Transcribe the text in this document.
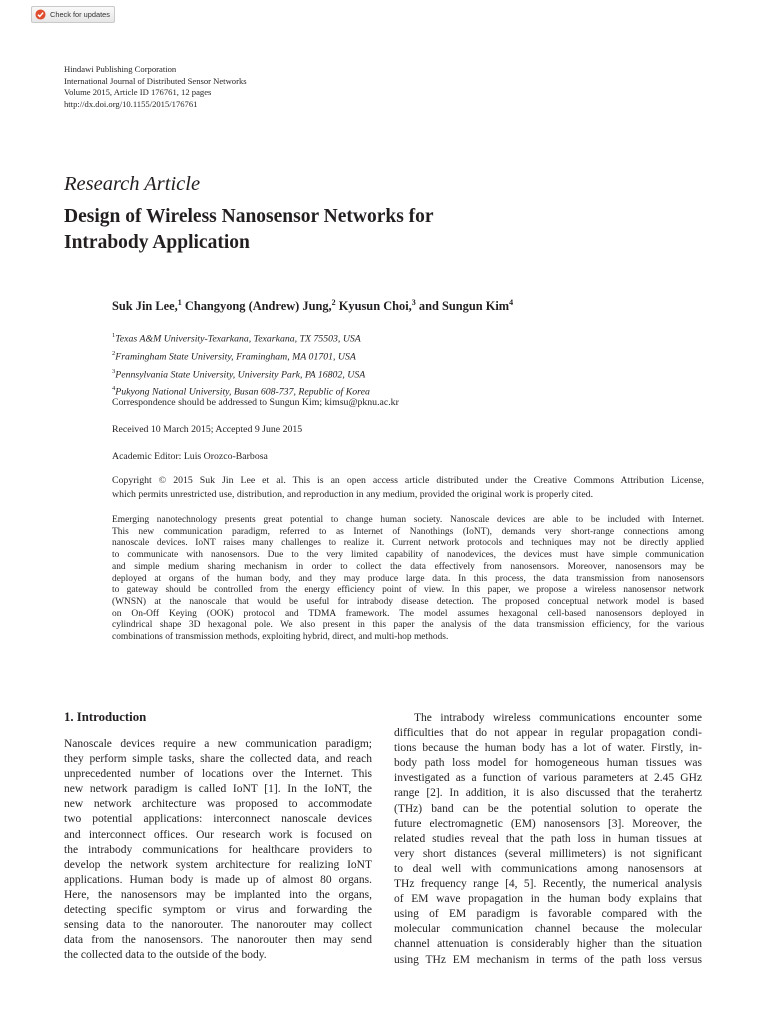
Check for updates
Hindawi Publishing Corporation
International Journal of Distributed Sensor Networks
Volume 2015, Article ID 176761, 12 pages
http://dx.doi.org/10.1155/2015/176761
Research Article
Design of Wireless Nanosensor Networks for
Intrabody Application
Suk Jin Lee,$^1$ Changyong (Andrew) Jung,$^2$ Kyusun Choi,$^3$ and Sungun Kim$^4$
$^1$Texas A&M University-Texarkana, Texarkana, TX 75503, USA
$^2$Framingham State University, Framingham, MA 01701, USA
$^3$Pennsylvania State University, University Park, PA 16802, USA
$^4$Pukyong National University, Busan 608-737, Republic of Korea
Correspondence should be addressed to Sungun Kim; kimsu@pknu.ac.kr
Received 10 March 2015; Accepted 9 June 2015
Academic Editor: Luis Orozco-Barbosa
Copyright © 2015 Suk Jin Lee et al. This is an open access article distributed under the Creative Commons Attribution License,
which permits unrestricted use, distribution, and reproduction in any medium, provided the original work is properly cited.
Emerging nanotechnology presents great potential to change human society. Nanoscale devices are able to be included with Internet.
This new communication paradigm, referred to as Internet of Nanothings (IoNT), demands very short-range connections among
nanoscale devices. IoNT raises many challenges to realize it. Current network protocols and techniques may not be directly applied
to communicate with nanosensors. Due to the very limited capability of nanodevices, the devices must have simple communication
and simple medium sharing mechanism in order to collect the data effectively from nanosensors. Moreover, nanosensors may be
deployed at organs of the human body, and they may produce large data. In this process, the data transmission from nanosensors
to gateway should be controlled from the energy efficiency point of view. In this paper, we propose a wireless nanosensor network
(WNSN) at the nanoscale that would be useful for intrabody disease detection. The proposed conceptual network model is based
on On-Off Keying (OOK) protocol and TDMA framework. The model assumes hexagonal cell-based nanosensors deployed in
cylindrical shape 3D hexagonal pole. We also present in this paper the analysis of the data transmission efficiency, for the various
combinations of transmission methods, exploiting hybrid, direct, and multi-hop methods.
1. Introduction
Nanoscale devices require a new communication paradigm;
they perform simple tasks, share the collected data, and reach
unprecedented number of locations over the Internet. This
new network paradigm is called IoNT [1]. In the IoNT, the
new network architecture was proposed to accommodate
two potential applications: interconnect nanoscale devices
and interconnect offices. Our research work is focused on
the intrabody communications for healthcare providers to
develop the network system architecture for realizing IoNT
applications. Human body is made up of almost 80 organs.
Here, the nanosensors may be implanted into the organs,
detecting specific symptom or virus and forwarding the
sensing data to the nanorouter. The nanorouter may collect
data from the nanosensors. The nanorouter then may send
the collected data to the outside of the body.
The intrabody wireless communications encounter some
difficulties that do not appear in regular propagation condi-
tions because the human body has a lot of water. Firstly, in-
body path loss model for homogeneous human tissues was
investigated as a function of various parameters at 2.45 GHz
range [2]. In addition, it is also discussed that the terahertz
(THz) band can be the potential solution to operate the
future electromagnetic (EM) nanosensors [3]. Moreover, the
related studies reveal that the path loss in human tissues at
very short distances (several millimeters) is not significant
to deal well with communications among nanosensors at
THz frequency range [4, 5]. Recently, the numerical analysis
of EM wave propagation in the human body explains that
using of EM paradigm is favorable compared with the
molecular communication channel because the molecular
channel attenuation is considerably higher than the situation
using THz EM mechanism in terms of the path loss versus
